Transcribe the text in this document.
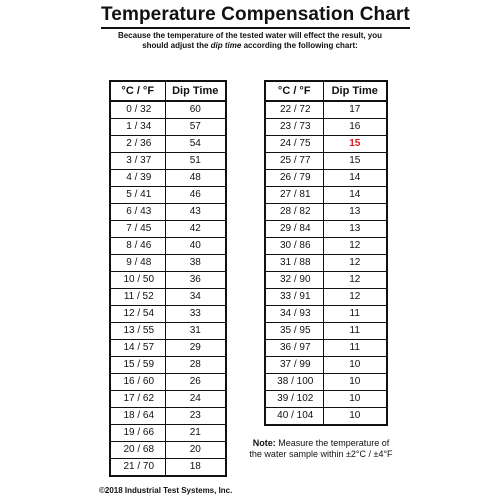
Temperature Compensation Chart
Because the temperature of the tested water will effect the result, you
should adjust the dip time according the following chart:
°C / °F	Dip Time
0 / 32	60
1 / 34	57
2 / 36	54
3 / 37	51
4 / 39	48
5 / 41	46
6 / 43	43
7 / 45	42
8 / 46	40
9 / 48	38
10 / 50	36
11 / 52	34
12 / 54	33
13 / 55	31
14 / 57	29
15 / 59	28
16 / 60	26
17 / 62	24
18 / 64	23
19 / 66	21
20 / 68	20
21 / 70	18
°C / °F	Dip Time
22 / 72	17
23 / 73	16
24 / 75	15
25 / 77	15
26 / 79	14
27 / 81	14
28 / 82	13
29 / 84	13
30 / 86	12
31 / 88	12
32 / 90	12
33 / 91	12
34 / 93	11
35 / 95	11
36 / 97	11
37 / 99	10
38 / 100	10
39 / 102	10
40 / 104	10
Note: Measure the temperature of
the water sample within ±2°C / ±4°F
©2018 Industrial Test Systems, Inc.
